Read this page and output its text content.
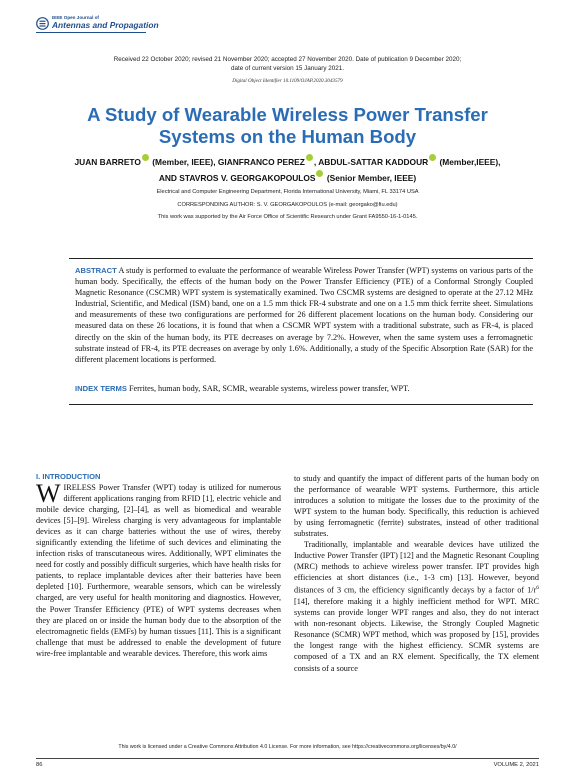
IEEE Open Journal of
Antennas and Propagation
Received 22 October 2020; revised 21 November 2020; accepted 27 November 2020. Date of publication 9 December 2020;
date of current version 15 January 2021.
Digital Object Identifier 10.1109/OJAP.2020.3043579
A Study of Wearable Wireless Power Transfer
Systems on the Human Body
JUAN BARRETO (Member, IEEE), GIANFRANCO PEREZ , ABDUL-SATTAR KADDOUR (Member,IEEE),
AND STAVROS V. GEORGAKOPOULOS (Senior Member, IEEE)
Electrical and Computer Engineering Department, Florida International University, Miami, FL 33174 USA
CORRESPONDING AUTHOR: S. V. GEORGAKOPOULOS (e-mail: georgako@fiu.edu)
This work was supported by the Air Force Office of Scientific Research under Grant FA9550-16-1-0145.
ABSTRACT A study is performed to evaluate the performance of wearable Wireless Power Transfer (WPT) systems on various parts of the human body. Specifically, the effects of the human body on the Power Transfer Efficiency (PTE) of a Conformal Strongly Coupled Magnetic Resonance (CSCMR) WPT system is systematically examined. Two CSCMR systems are designed to operate at the 27.12 MHz Industrial, Scientific, and Medical (ISM) band, one on a 1.5 mm thick FR-4 substrate and one on a 1.5 mm thick ferrite sheet. Simulations and measurements of these two configurations are performed for 26 different placement locations on the human body. Considering our measured data on these 26 locations, it is found that when a CSCMR WPT system with a traditional substrate, such as FR-4, is placed directly on the skin of the human body, its PTE decreases on average by 7.2%. However, when the same system uses a ferromagnetic substrate instead of FR-4, its PTE decreases on average by only 1.6%. Additionally, a study of the Specific Absorption Rate (SAR) for the different placement locations is performed.
INDEX TERMS Ferrites, human body, SAR, SCMR, wearable systems, wireless power transfer, WPT.
I. INTRODUCTION
WIRELESS Power Transfer (WPT) today is utilized for numerous different applications ranging from RFID [1], electric vehicle and mobile device charging, [2]–[4], as well as biomedical and wearable devices [5]–[9]. Wireless charging is very advantageous for implantable devices as it can charge batteries without the use of wires, thereby significantly extending the lifetime of such devices and eliminating the infection risks of transcutaneous wires. Additionally, WPT eliminates the need for costly and possibly difficult surgeries, which have health risks for patients, to replace implantable devices after their batteries have been depleted [10]. Furthermore, wearable sensors, which can be wirelessly charged, are very useful for health monitoring and diagnostics. However, the Power Transfer Efficiency (PTE) of WPT systems decreases when they are placed on or inside the human body due to the absorption of the electromagnetic fields (EMFs) by human tissues [11]. This is a significant challenge that must be addressed to enable the development of future wire-free implantable and wearable devices. Therefore, this work aims
to study and quantify the impact of different parts of the human body on the performance of wearable WPT systems. Furthermore, this article introduces a solution to mitigate the losses due to the proximity of the WPT system to the human body. Specifically, this reduction is achieved by using ferromagnetic (ferrite) substrates, instead of other traditional substrates.
Traditionally, implantable and wearable devices have utilized the Inductive Power Transfer (IPT) [12] and the Magnetic Resonant Coupling (MRC) methods to achieve wireless power transfer. IPT provides high efficiencies at short distances (i.e., 1-3 cm) [13]. However, beyond distances of 3 cm, the efficiency significantly decays by a factor of $1/r^6$ [14], therefore making it a highly inefficient method for WPT. MRC systems can provide longer WPT ranges and also, they do not interact with non-resonant objects. Likewise, the Strongly Coupled Magnetic Resonance (SCMR) WPT method, which was proposed by [15], provides the longest range with the highest efficiency. SCMR systems are composed of a TX and an RX element. Specifically, the TX element consists of a source
This work is licensed under a Creative Commons Attribution 4.0 License. For more information, see https://creativecommons.org/licenses/by/4.0/
86	VOLUME 2, 2021
